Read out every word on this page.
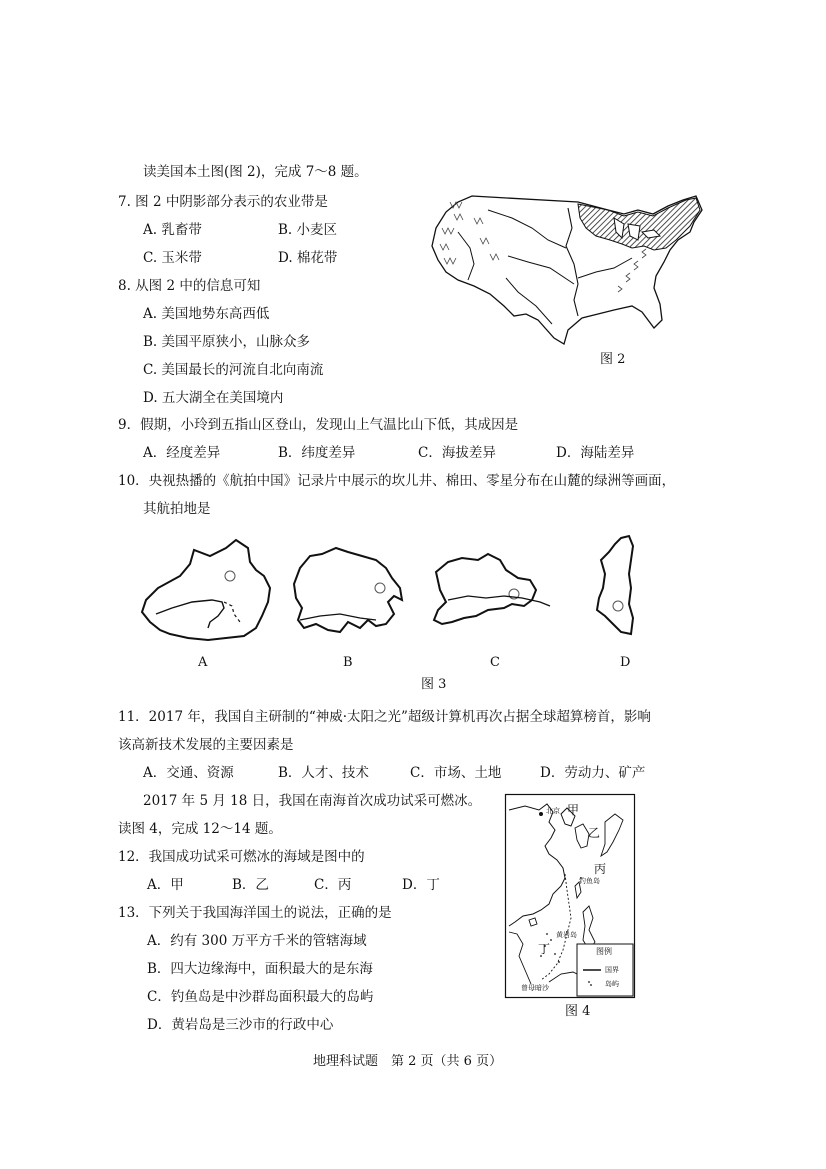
读美国本土图(图 2)，完成 7～8 题。
7. 图 2 中阴影部分表示的农业带是
A. 乳畜带	B. 小麦区
C. 玉米带	D. 棉花带
8. 从图 2 中的信息可知
A. 美国地势东高西低
B. 美国平原狭小，山脉众多
C. 美国最长的河流自北向南流
D. 五大湖全在美国境内
图 2
9．假期，小玲到五指山区登山，发现山上气温比山下低，其成因是
A．经度差异	B．纬度差异	C．海拔差异	D．海陆差异
10．央视热播的《航拍中国》记录片中展示的坎儿井、棉田、零星分布在山麓的绿洲等画面，
其航拍地是
A	B	C	D
图 3
11．2017 年，我国自主研制的“神威·太阳之光”超级计算机再次占据全球超算榜首，影响
该高新技术发展的主要因素是
A．交通、资源	B．人才、技术	C．市场、土地	D．劳动力、矿产
2017 年 5 月 18 日，我国在南海首次成功试采可燃冰。
读图 4，完成 12～14 题。
12．我国成功试采可燃冰的海域是图中的
A．甲	B．乙	C．丙	D．丁
13．下列关于我国海洋国土的说法，正确的是
A．约有 300 万平方千米的管辖海域
B．四大边缘海中，面积最大的是东海
C．钓鱼岛是中沙群岛面积最大的岛屿
D．黄岩岛是三沙市的行政中心
甲
乙
丙
丁
北京
钓鱼岛
黄岩岛
曾母暗沙
图例
国界
岛屿
图 4
地理科试题　第 2 页（共 6 页）
